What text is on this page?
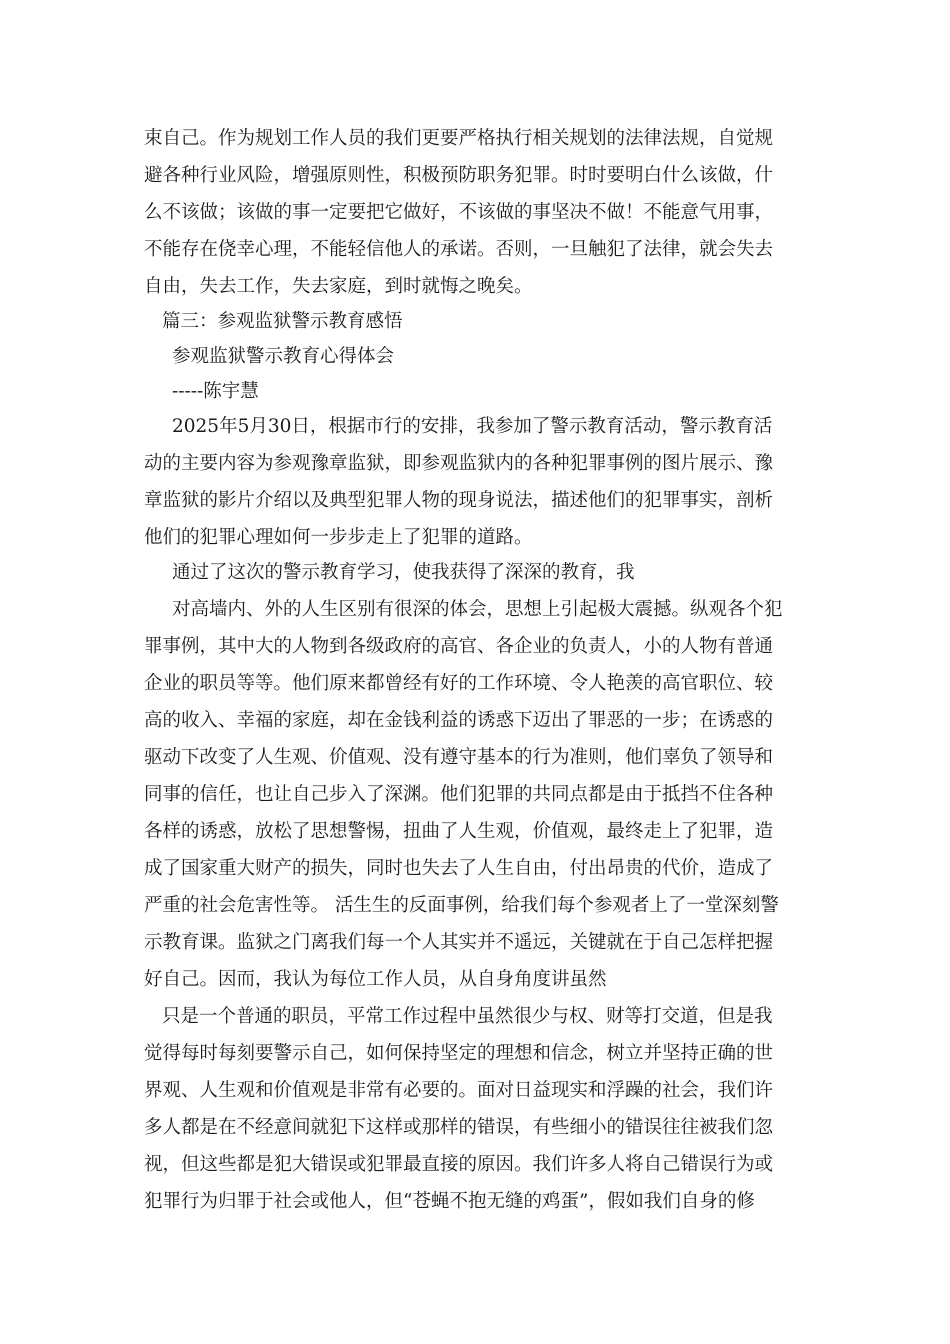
束自己。作为规划工作人员的我们更要严格执行相关规划的法律法规，自觉规
避各种行业风险，增强原则性，积极预防职务犯罪。时时要明白什么该做，什
么不该做；该做的事一定要把它做好，不该做的事坚决不做！不能意气用事，
不能存在侥幸心理，不能轻信他人的承诺。否则，一旦触犯了法律，就会失去
自由，失去工作，失去家庭，到时就悔之晚矣。
篇三：参观监狱警示教育感悟
参观监狱警示教育心得体会
-----陈宇慧
2025年5月30日，根据市行的安排，我参加了警示教育活动，警示教育活
动的主要内容为参观豫章监狱，即参观监狱内的各种犯罪事例的图片展示、豫
章监狱的影片介绍以及典型犯罪人物的现身说法，描述他们的犯罪事实，剖析
他们的犯罪心理如何一步步走上了犯罪的道路。
通过了这次的警示教育学习，使我获得了深深的教育，我
对高墙内、外的人生区别有很深的体会，思想上引起极大震撼。纵观各个犯
罪事例，其中大的人物到各级政府的高官、各企业的负责人，小的人物有普通
企业的职员等等。他们原来都曾经有好的工作环境、令人艳羡的高官职位、较
高的收入、幸福的家庭，却在金钱利益的诱惑下迈出了罪恶的一步；在诱惑的
驱动下改变了人生观、价值观、没有遵守基本的行为准则，他们辜负了领导和
同事的信任，也让自己步入了深渊。他们犯罪的共同点都是由于抵挡不住各种
各样的诱惑，放松了思想警惕，扭曲了人生观，价值观，最终走上了犯罪，造
成了国家重大财产的损失，同时也失去了人生自由，付出昂贵的代价，造成了
严重的社会危害性等。 活生生的反面事例，给我们每个参观者上了一堂深刻警
示教育课。监狱之门离我们每一个人其实并不遥远，关键就在于自己怎样把握
好自己。因而，我认为每位工作人员，从自身角度讲虽然
只是一个普通的职员，平常工作过程中虽然很少与权、财等打交道，但是我
觉得每时每刻要警示自己，如何保持坚定的理想和信念，树立并坚持正确的世
界观、人生观和价值观是非常有必要的。面对日益现实和浮躁的社会，我们许
多人都是在不经意间就犯下这样或那样的错误，有些细小的错误往往被我们忽
视，但这些都是犯大错误或犯罪最直接的原因。我们许多人将自己错误行为或
犯罪行为归罪于社会或他人，但“苍蝇不抱无缝的鸡蛋”，假如我们自身的修
